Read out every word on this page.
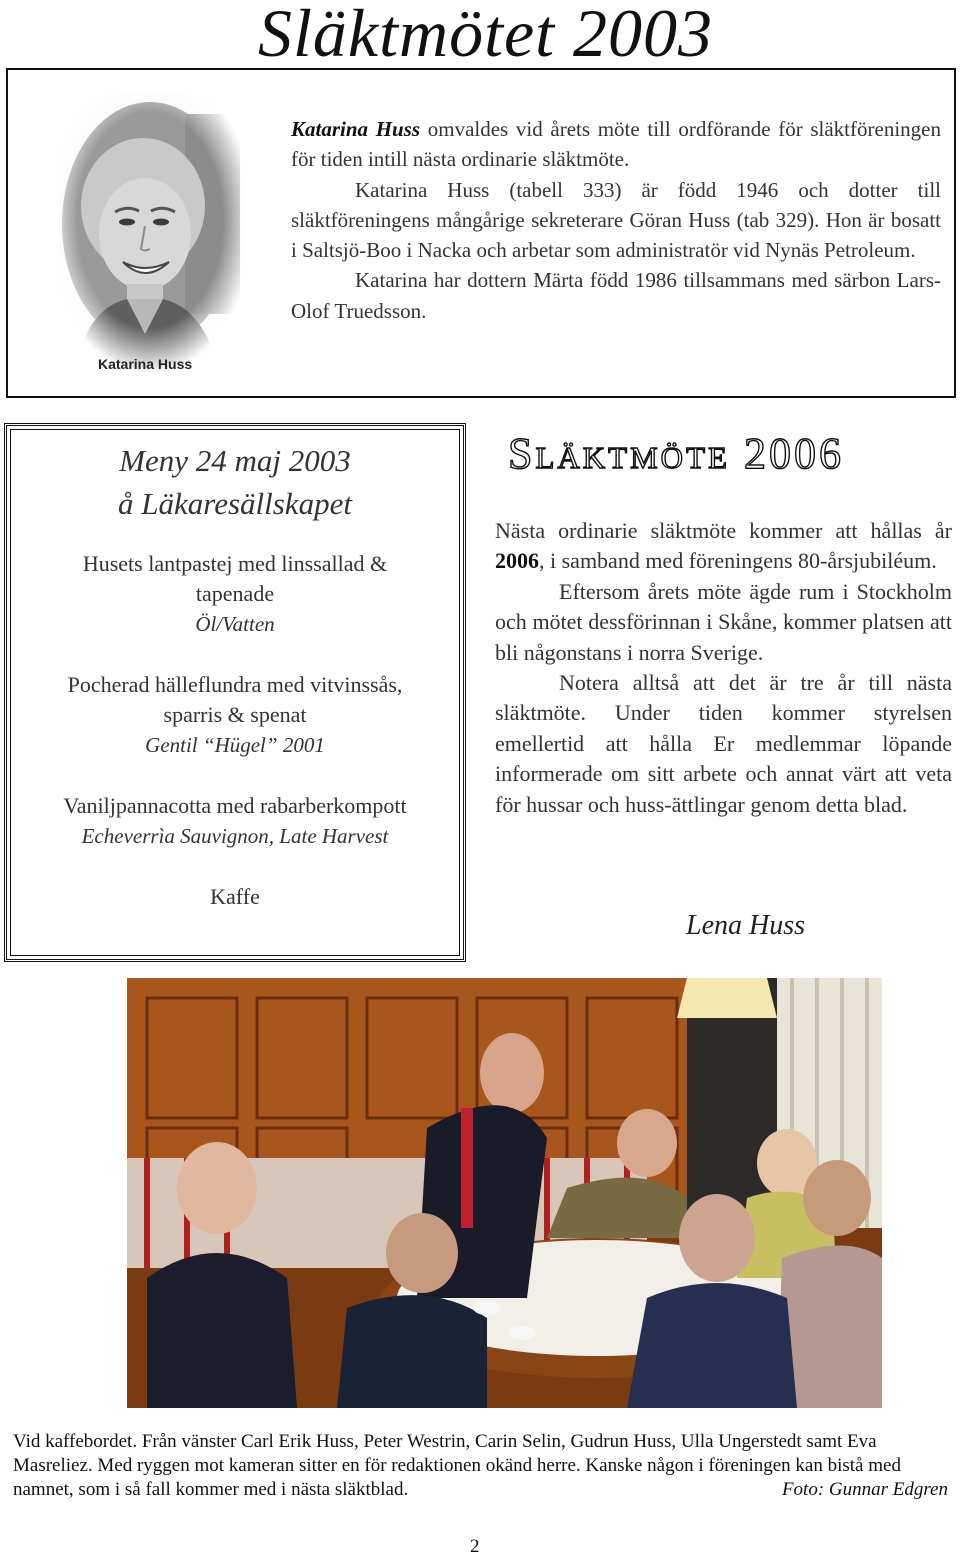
Släktmötet 2003
Katarina Huss

Katarina Huss omvaldes vid årets möte till ordförande för släktföreningen för tiden intill nästa ordinarie släktmöte.

Katarina Huss (tabell 333) är född 1946 och dotter till släktföreningens mångårige sekreterare Göran Huss (tab 329). Hon är bosatt i Saltsjö-Boo i Nacka och arbetar som administratör vid Nynäs Petroleum.

Katarina har dottern Märta född 1986 tillsammans med särbon Lars-Olof Truedsson.

Meny 24 maj 2003
å Läkaresällskapet
Husets lantpastej med linssallad &
tapenade
Öl/Vatten
Pocherad hälleflundra med vitvinssås,
sparris & spenat
Gentil “Hügel” 2001
Vaniljpannacotta med rabarberkompott
Echeverrìa Sauvignon, Late Harvest
Kaffe
Släktmöte 2006

Nästa ordinarie släktmöte kommer att hållas år 2006, i samband med föreningens 80-årsjubiléum.

Eftersom årets möte ägde rum i Stockholm och mötet dessförinnan i Skåne, kommer platsen att bli någonstans i norra Sverige.

Notera alltså att det är tre år till nästa släktmöte. Under tiden kommer styrelsen emellertid att hålla Er medlemmar löpande informerade om sitt arbete och annat värt att veta för hussar och huss-ättlingar genom detta blad.

Lena Huss

Vid kaffebordet. Från vänster Carl Erik Huss, Peter Westrin, Carin Selin, Gudrun Huss, Ulla Ungerstedt samt Eva Masreliez. Med ryggen mot kameran sitter en för redaktionen okänd herre. Kanske någon i föreningen kan bistå med namnet, som i så fall kommer med i nästa släktblad.	Foto: Gunnar Edgren

2
